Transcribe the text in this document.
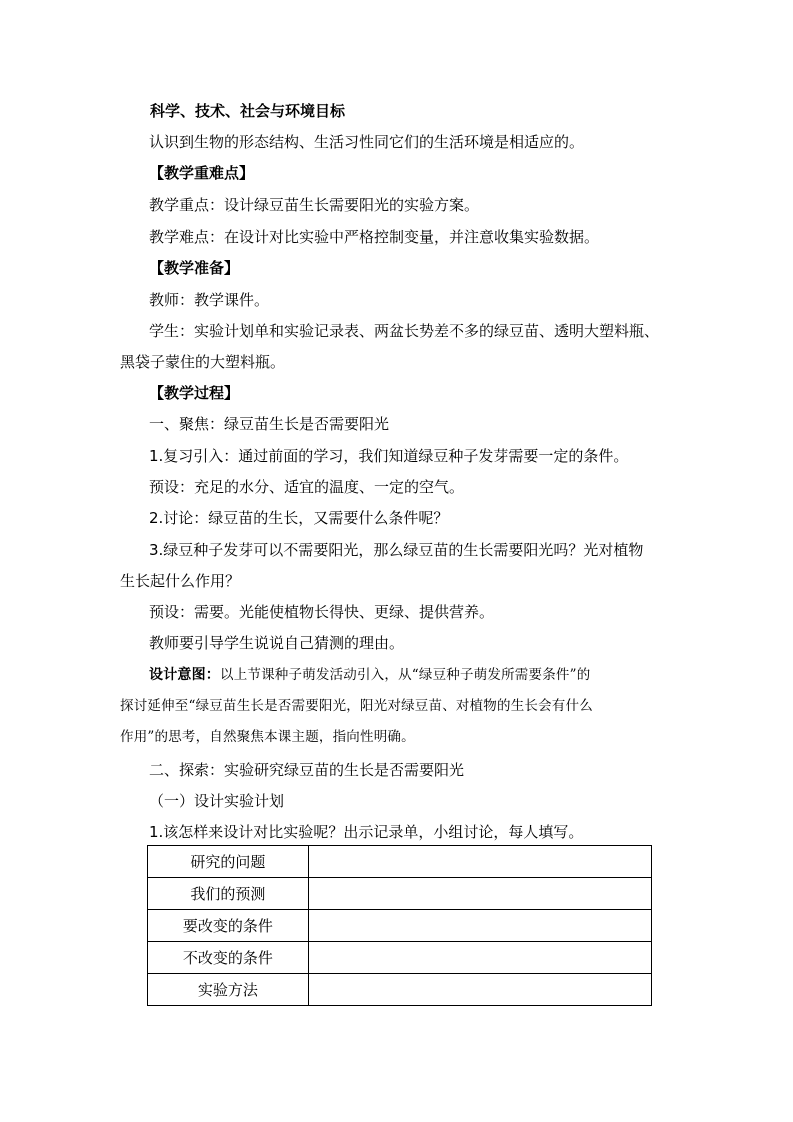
科学、技术、社会与环境目标
认识到生物的形态结构、生活习性同它们的生活环境是相适应的。
【教学重难点】
教学重点：设计绿豆苗生长需要阳光的实验方案。
教学难点：在设计对比实验中严格控制变量，并注意收集实验数据。
【教学准备】
教师：教学课件。
学生：实验计划单和实验记录表、两盆长势差不多的绿豆苗、透明大塑料瓶、
黑袋子蒙住的大塑料瓶。
【教学过程】
一、聚焦：绿豆苗生长是否需要阳光
1.复习引入：通过前面的学习，我们知道绿豆种子发芽需要一定的条件。
预设：充足的水分、适宜的温度、一定的空气。
2.讨论：绿豆苗的生长，又需要什么条件呢？
3.绿豆种子发芽可以不需要阳光，那么绿豆苗的生长需要阳光吗？光对植物
生长起什么作用？
预设：需要。光能使植物长得快、更绿、提供营养。
教师要引导学生说说自己猜测的理由。
设计意图：以上节课种子萌发活动引入，从“绿豆种子萌发所需要条件”的
探讨延伸至“绿豆苗生长是否需要阳光，阳光对绿豆苗、对植物的生长会有什么
作用”的思考，自然聚焦本课主题，指向性明确。
二、探索：实验研究绿豆苗的生长是否需要阳光
（一）设计实验计划
1.该怎样来设计对比实验呢？出示记录单，小组讨论，每人填写。
研究的问题	
我们的预测	
要改变的条件	
不改变的条件	
实验方法	
